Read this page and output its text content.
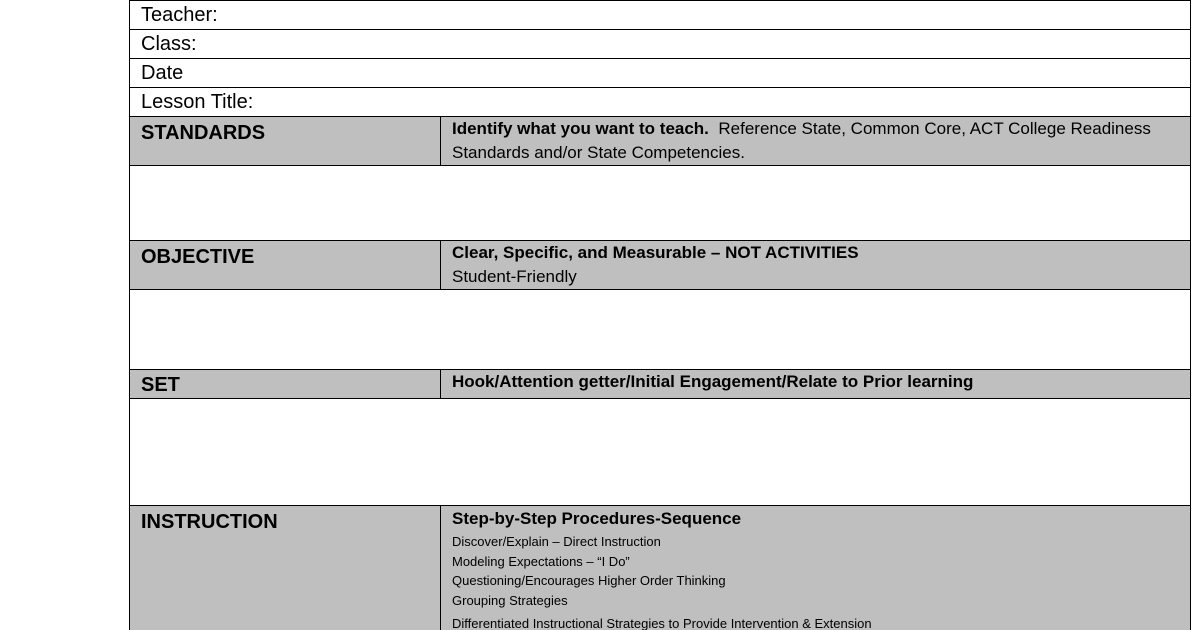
Teacher:
Class:
Date
Lesson Title:
STANDARDS	Identify what you want to teach. Reference State, Common Core, ACT College Readiness Standards and/or State Competencies.
OBJECTIVE	Clear, Specific, and Measurable – NOT ACTIVITIES
Student-Friendly
SET	Hook/Attention getter/Initial Engagement/Relate to Prior learning
INSTRUCTION	Step-by-Step Procedures-Sequence
Discover/Explain – Direct Instruction
Modeling Expectations – “I Do”
Questioning/Encourages Higher Order Thinking
Grouping Strategies
Differentiated Instructional Strategies to Provide Intervention & Extension
